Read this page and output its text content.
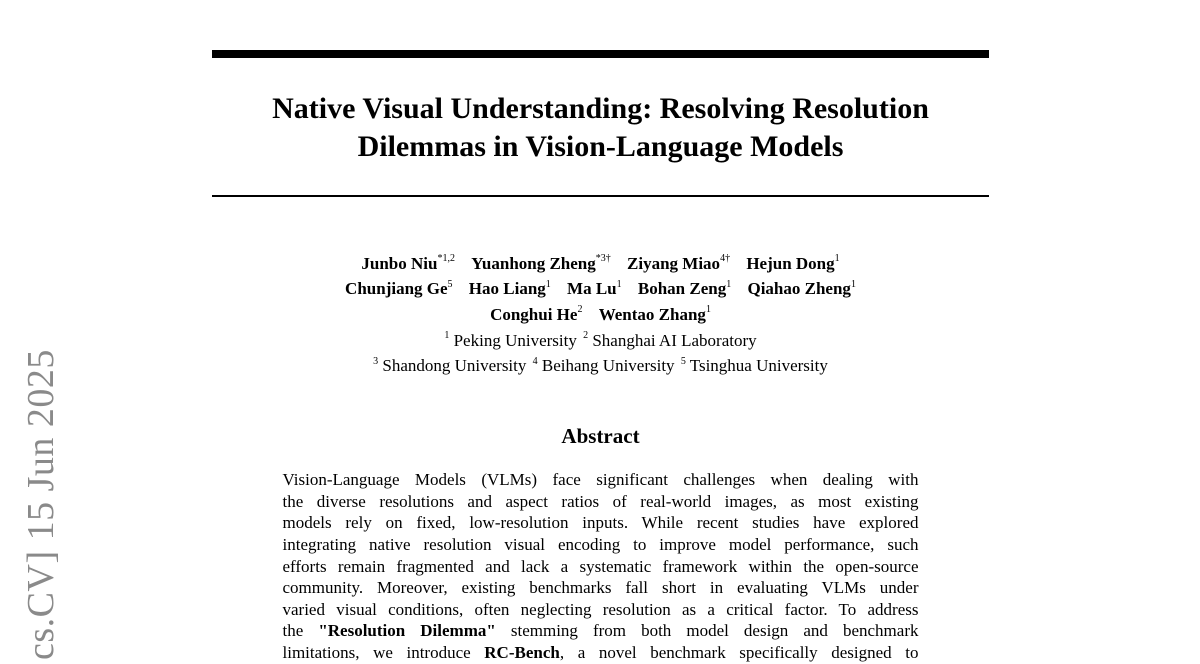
cs.CV] 15 Jun 2025
Native Visual Understanding: Resolving Resolution
Dilemmas in Vision-Language Models
Junbo Niu$^{*1,2}$ Yuanhong Zheng$^{*3\dagger}$ Ziyang Miao$^{4\dagger}$ Hejun Dong$^1$
Chunjiang Ge$^5$ Hao Liang$^1$ Ma Lu$^1$ Bohan Zeng$^1$ Qiahao Zheng$^1$
Conghui He$^2$ Wentao Zhang$^1$
$^1$ Peking University $^2$ Shanghai AI Laboratory
$^3$ Shandong University $^4$ Beihang University $^5$ Tsinghua University
Abstract
Vision-Language Models (VLMs) face significant challenges when dealing with
the diverse resolutions and aspect ratios of real-world images, as most existing
models rely on fixed, low-resolution inputs. While recent studies have explored
integrating native resolution visual encoding to improve model performance, such
efforts remain fragmented and lack a systematic framework within the open-source
community. Moreover, existing benchmarks fall short in evaluating VLMs under
varied visual conditions, often neglecting resolution as a critical factor. To address
the "Resolution Dilemma" stemming from both model design and benchmark
limitations, we introduce RC-Bench, a novel benchmark specifically designed to
